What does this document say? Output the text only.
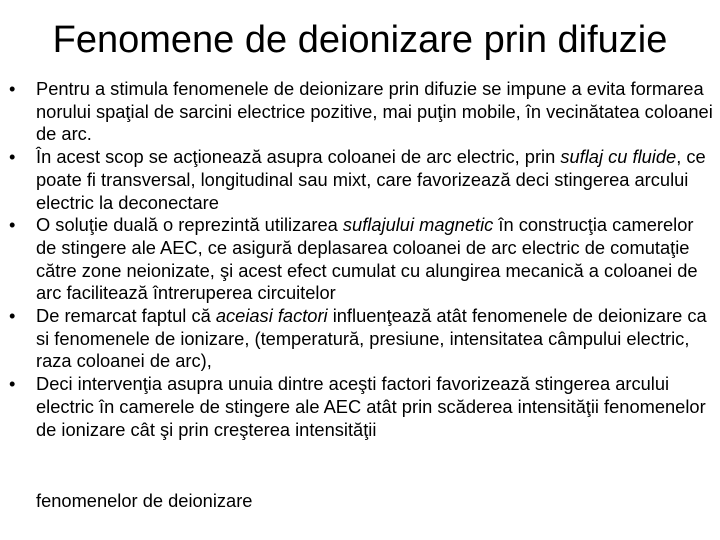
Fenomene de deionizare prin difuzie
• Pentru a stimula fenomenele de deionizare prin difuzie se impune a evita formarea norului spaţial de sarcini electrice pozitive, mai puţin mobile, în vecinătatea coloanei de arc.
• În acest scop se acţionează asupra coloanei de arc electric, prin suflaj cu fluide, ce poate fi transversal, longitudinal sau mixt, care favorizează deci stingerea arcului electric la deconectare
• O soluţie duală o reprezintă utilizarea suflajului magnetic în construcţia camerelor de stingere ale AEC, ce asigură deplasarea coloanei de arc electric de comutaţie către zone neionizate, şi acest efect cumulat cu alungirea mecanică a coloanei de arc facilitează întreruperea circuitelor
• De remarcat faptul că aceiasi factori influenţează atât fenomenele de deionizare ca si fenomenele de ionizare, (temperatură, presiune, intensitatea câmpului electric, raza coloanei de arc),
• Deci intervenţia asupra unuia dintre aceşti factori favorizează stingerea arcului electric în camerele de stingere ale AEC atât prin scăderea intensităţii fenomenelor de ionizare cât şi prin creşterea intensităţii
fenomenelor de deionizare
